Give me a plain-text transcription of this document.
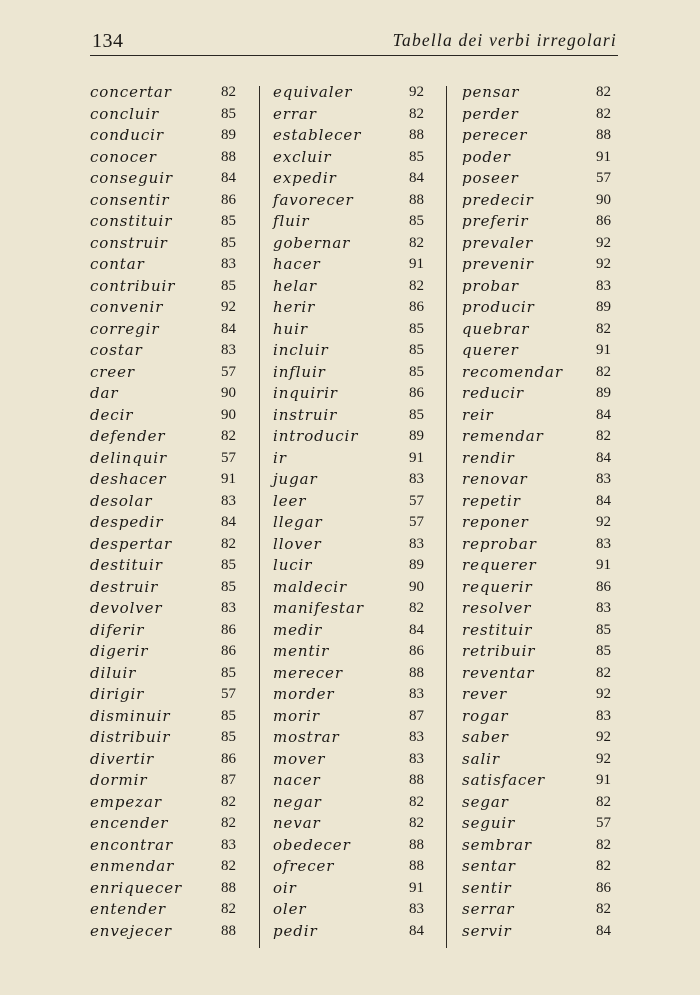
134	Tabella dei verbi irregolari
concertar	82
concluir	85
conducir	89
conocer	88
conseguir	84
consentir	86
constituir	85
construir	85
contar	83
contribuir	85
convenir	92
corregir	84
costar	83
creer	57
dar	90
decir	90
defender	82
delinquir	57
deshacer	91
desolar	83
despedir	84
despertar	82
destituir	85
destruir	85
devolver	83
diferir	86
digerir	86
diluir	85
dirigir	57
disminuir	85
distribuir	85
divertir	86
dormir	87
empezar	82
encender	82
encontrar	83
enmendar	82
enriquecer	88
entender	82
envejecer	88
equivaler	92
errar	82
establecer	88
excluir	85
expedir	84
favorecer	88
fluir	85
gobernar	82
hacer	91
helar	82
herir	86
huir	85
incluir	85
influir	85
inquirir	86
instruir	85
introducir	89
ir	91
jugar	83
leer	57
llegar	57
llover	83
lucir	89
maldecir	90
manifestar	82
medir	84
mentir	86
merecer	88
morder	83
morir	87
mostrar	83
mover	83
nacer	88
negar	82
nevar	82
obedecer	88
ofrecer	88
oir	91
oler	83
pedir	84
pensar	82
perder	82
perecer	88
poder	91
poseer	57
predecir	90
preferir	86
prevaler	92
prevenir	92
probar	83
producir	89
quebrar	82
querer	91
recomendar 82
reducir	89
reir	84
remendar	82
rendir	84
renovar	83
repetir	84
reponer	92
reprobar	83
requerer	91
requerir	86
resolver	83
restituir	85
retribuir	85
reventar	82
rever	92
rogar	83
saber	92
salir	92
satisfacer	91
segar	82
seguir	57
sembrar	82
sentar	82
sentir	86
serrar	82
servir	84
